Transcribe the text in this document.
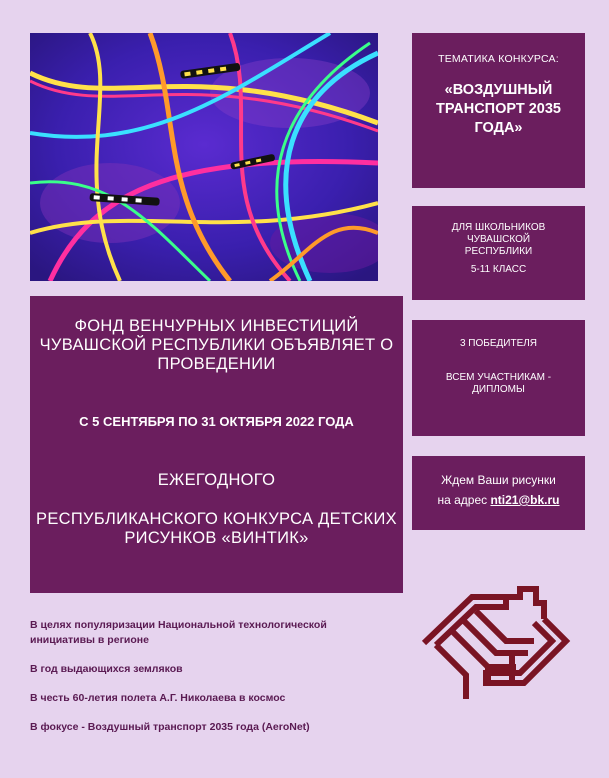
ТЕМАТИКА КОНКУРСА:
«ВОЗДУШНЫЙ ТРАНСПОРТ 2035 ГОДА»
ДЛЯ ШКОЛЬНИКОВ ЧУВАШСКОЙ РЕСПУБЛИКИ
5-11 КЛАСС
3 ПОБЕДИТЕЛЯ
ВСЕМ УЧАСТНИКАМ - ДИПЛОМЫ
Ждем Ваши рисунки
на адрес nti21@bk.ru
ФОНД ВЕНЧУРНЫХ ИНВЕСТИЦИЙ ЧУВАШСКОЙ РЕСПУБЛИКИ ОБЪЯВЛЯЕТ О ПРОВЕДЕНИИ
С 5 СЕНТЯБРЯ ПО 31 ОКТЯБРЯ 2022 ГОДА
ЕЖЕГОДНОГО
РЕСПУБЛИКАНСКОГО КОНКУРСА ДЕТСКИХ РИСУНКОВ «ВИНТИК»

В целях популяризации Национальной технологической инициативы в регионе

В год выдающихся земляков

В честь 60-летия полета А.Г. Николаева в космос

В фокусе - Воздушный транспорт 2035 года (AeroNet)
